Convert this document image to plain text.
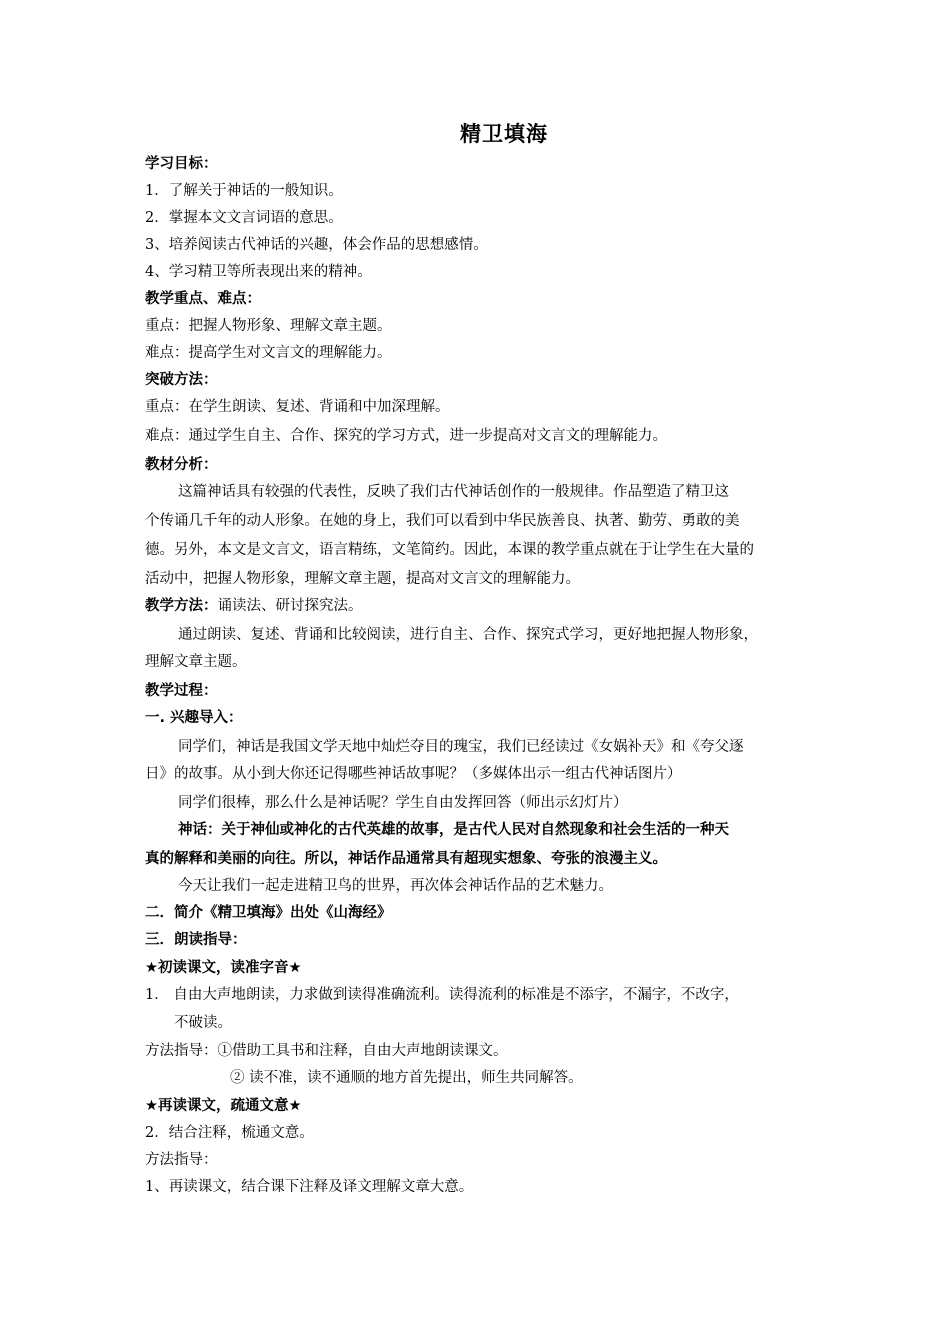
精卫填海
学习目标：
1．了解关于神话的一般知识。
2．掌握本文文言词语的意思。
3、培养阅读古代神话的兴趣，体会作品的思想感情。
4、学习精卫等所表现出来的精神。
教学重点、难点：
重点：把握人物形象、理解文章主题。
难点：提高学生对文言文的理解能力。
突破方法：
重点：在学生朗读、复述、背诵和中加深理解。
难点：通过学生自主、合作、探究的学习方式，进一步提高对文言文的理解能力。
教材分析：
这篇神话具有较强的代表性，反映了我们古代神话创作的一般规律。作品塑造了精卫这
个传诵几千年的动人形象。在她的身上，我们可以看到中华民族善良、执著、勤劳、勇敢的美
德。另外，本文是文言文，语言精练，文笔简约。因此，本课的教学重点就在于让学生在大量的
活动中，把握人物形象，理解文章主题，提高对文言文的理解能力。
教学方法：诵读法、研讨探究法。
通过朗读、复述、背诵和比较阅读，进行自主、合作、探究式学习，更好地把握人物形象，
理解文章主题。
教学过程：
一. 兴趣导入：
同学们，神话是我国文学天地中灿烂夺目的瑰宝，我们已经读过《女娲补天》和《夸父逐
日》的故事。从小到大你还记得哪些神话故事呢？（多媒体出示一组古代神话图片）
同学们很棒，那么什么是神话呢？学生自由发挥回答（师出示幻灯片）
神话：关于神仙或神化的古代英雄的故事，是古代人民对自然现象和社会生活的一种天
真的解释和美丽的向往。所以，神话作品通常具有超现实想象、夸张的浪漫主义。
今天让我们一起走进精卫鸟的世界，再次体会神话作品的艺术魅力。
二．简介《精卫填海》出处《山海经》
三．朗读指导：
★初读课文，读准字音★
1． 自由大声地朗读，力求做到读得准确流利。读得流利的标准是不添字，不漏字，不改字，
不破读。
方法指导：①借助工具书和注释，自由大声地朗读课文。
② 读不准，读不通顺的地方首先提出，师生共同解答。
★再读课文，疏通文意★
2．结合注释，梳通文意。
方法指导：
1、再读课文，结合课下注释及译文理解文章大意。
